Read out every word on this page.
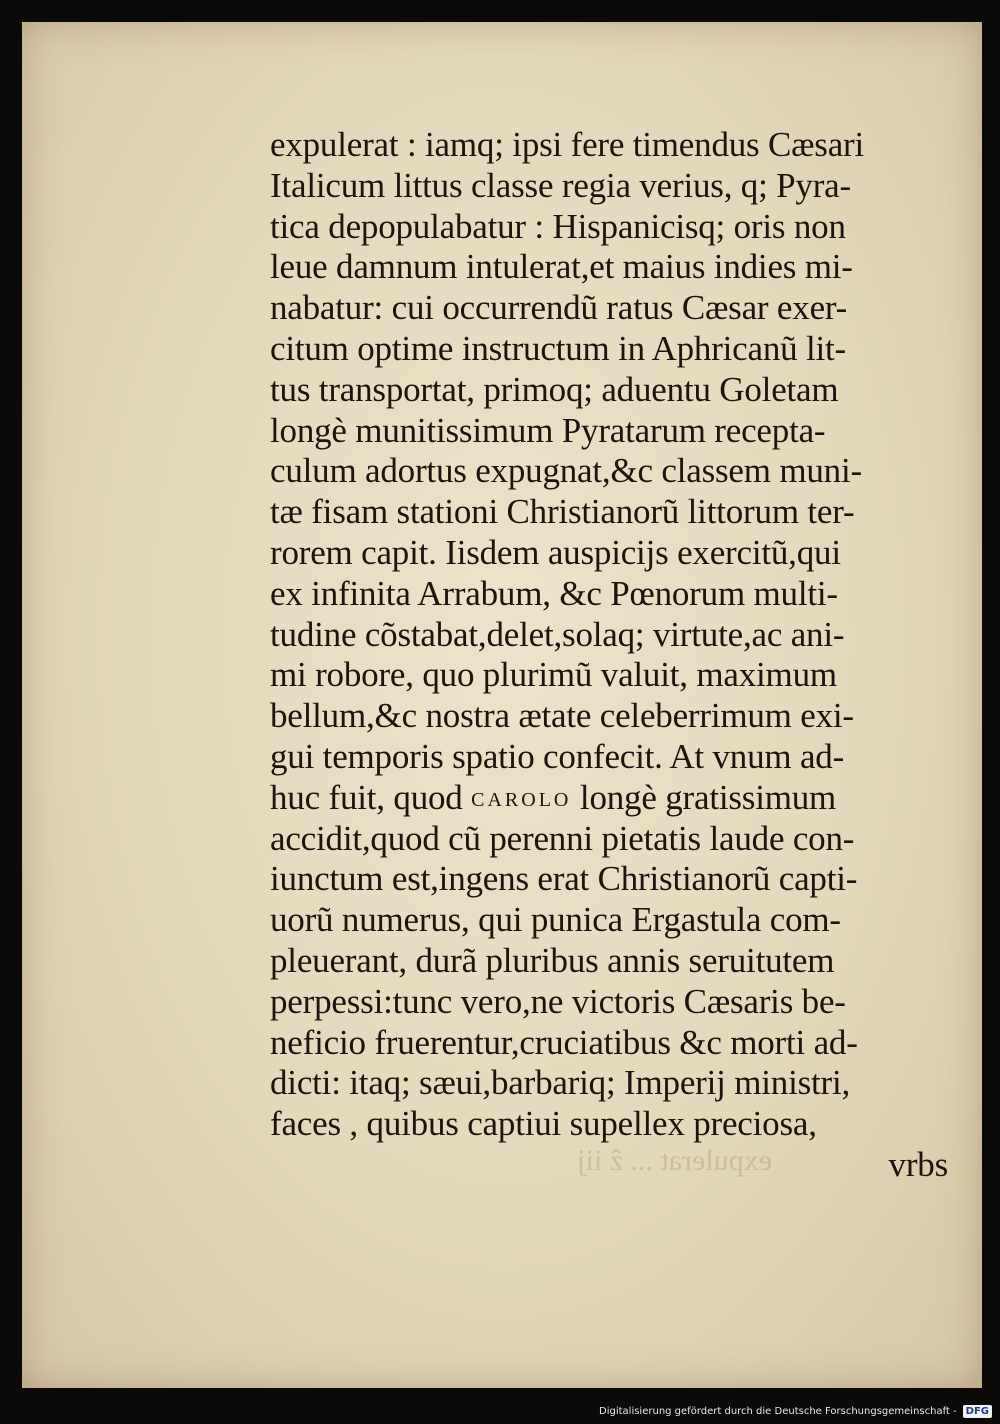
expulerat : iamq; ipsi fere timendus Cæsari
Italicum littus classe regia verius, q; Pyra-
tica depopulabatur : Hispanicisq; oris non
leue damnum intulerat,et maius indies mi-
nabatur: cui occurrendũ ratus Cæsar exer-
citum optime instructum in Aphricanũ lit-
tus transportat, primoq; aduentu Goletam
longè munitissimum Pyratarum recepta-
culum adortus expugnat,&c classem muni-
tæ fisam stationi Christianorũ littorum ter-
rorem capit. Iisdem auspicijs exercitũ,qui
ex infinita Arrabum, &c Pœnorum multi-
tudine cõstabat,delet,solaq; virtute,ac ani-
mi robore, quo plurimũ valuit, maximum
bellum,&c nostra ætate celeberrimum exi-
gui temporis spatio confecit. At vnum ad-
huc fuit, quod CAROLO longè gratissimum
accidit,quod cũ perenni pietatis laude con-
iunctum est,ingens erat Christianorũ capti-
uorũ numerus, qui punica Ergastula com-
pleuerant, durã pluribus annis seruitutem
perpessi:tunc vero,ne victoris Cæsaris be-
neficio fruerentur,cruciatibus &c morti ad-
dicti: itaq; sæui,barbariq; Imperij ministri,
faces , quibus captiui supellex preciosa,
vrbs
expulerat ... ẑ iij
Digitalisierung gefördert durch die Deutsche Forschungsgemeinschaft - DFG
